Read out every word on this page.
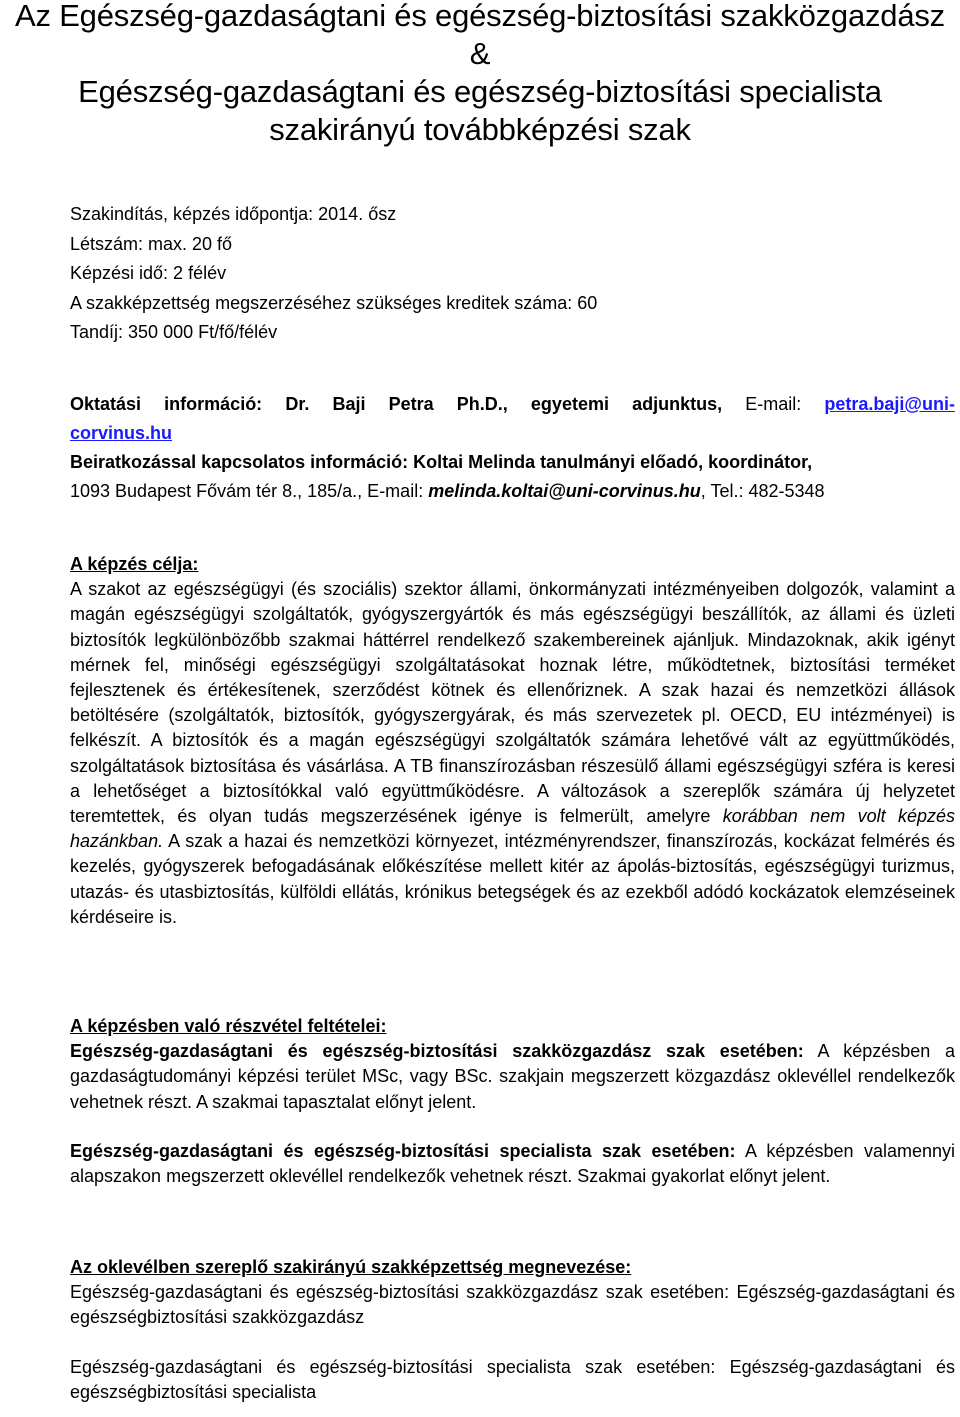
Az Egészség-gazdaságtani és egészség-biztosítási szakközgazdász

&

Egészség-gazdaságtani és egészség-biztosítási specialista

szakirányú továbbképzési szak

Szakindítás, képzés időpontja: 2014. ősz
Létszám: max. 20 fő
Képzési idő: 2 félév
A szakképzettség megszerzéséhez szükséges kreditek száma: 60
Tandíj: 350 000 Ft/fő/félév
Oktatási információ: Dr. Baji Petra Ph.D., egyetemi adjunktus, E-mail: petra.baji@uni-
corvinus.hu
Beiratkozással kapcsolatos információ: Koltai Melinda tanulmányi előadó, koordinátor,
1093 Budapest Fővám tér 8., 185/a., E-mail: melinda.koltai@uni-corvinus.hu, Tel.: 482-5348

A képzés célja:

A szakot az egészségügyi (és szociális) szektor állami, önkormányzati intézményeiben dolgozók, valamint a magán egészségügyi szolgáltatók, gyógyszergyártók és más egészségügyi beszállítók, az állami és üzleti biztosítók legkülönbözőbb szakmai háttérrel rendelkező szakembereinek ajánljuk. Mindazoknak, akik igényt mérnek fel, minőségi egészségügyi szolgáltatásokat hoznak létre, működtetnek, biztosítási terméket fejlesztenek és értékesítenek, szerződést kötnek és ellenőriznek. A szak hazai és nemzetközi állások betöltésére (szolgáltatók, biztosítók, gyógyszergyárak, és más szervezetek pl. OECD, EU intézményei) is felkészít. A biztosítók és a magán egészségügyi szolgáltatók számára lehetővé vált az együttműködés, szolgáltatások biztosítása és vásárlása. A TB finanszírozásban részesülő állami egészségügyi szféra is keresi a lehetőséget a biztosítókkal való együttműködésre. A változások a szereplők számára új helyzetet teremtettek, és olyan tudás megszerzésének igénye is felmerült, amelyre korábban nem volt képzés hazánkban. A szak a hazai és nemzetközi környezet, intézményrendszer, finanszírozás, kockázat felmérés és kezelés, gyógyszerek befogadásának előkészítése mellett kitér az ápolás-biztosítás, egészségügyi turizmus, utazás- és utasbiztosítás, külföldi ellátás, krónikus betegségek és az ezekből adódó kockázatok elemzéseinek kérdéseire is.

A képzésben való részvétel feltételei:

Egészség-gazdaságtani és egészség-biztosítási szakközgazdász szak esetében: A képzésben a gazdaságtudományi képzési terület MSc, vagy BSc. szakjain megszerzett közgazdász oklevéllel rendelkezők vehetnek részt. A szakmai tapasztalat előnyt jelent.

Egészség-gazdaságtani és egészség-biztosítási specialista szak esetében: A képzésben valamennyi alapszakon megszerzett oklevéllel rendelkezők vehetnek részt. Szakmai gyakorlat előnyt jelent.

Az oklevélben szereplő szakirányú szakképzettség megnevezése:

Egészség-gazdaságtani és egészség-biztosítási szakközgazdász szak esetében: Egészség-gazdaságtani és egészségbiztosítási szakközgazdász

Egészség-gazdaságtani és egészség-biztosítási specialista szak esetében: Egészség-gazdaságtani és egészségbiztosítási specialista
